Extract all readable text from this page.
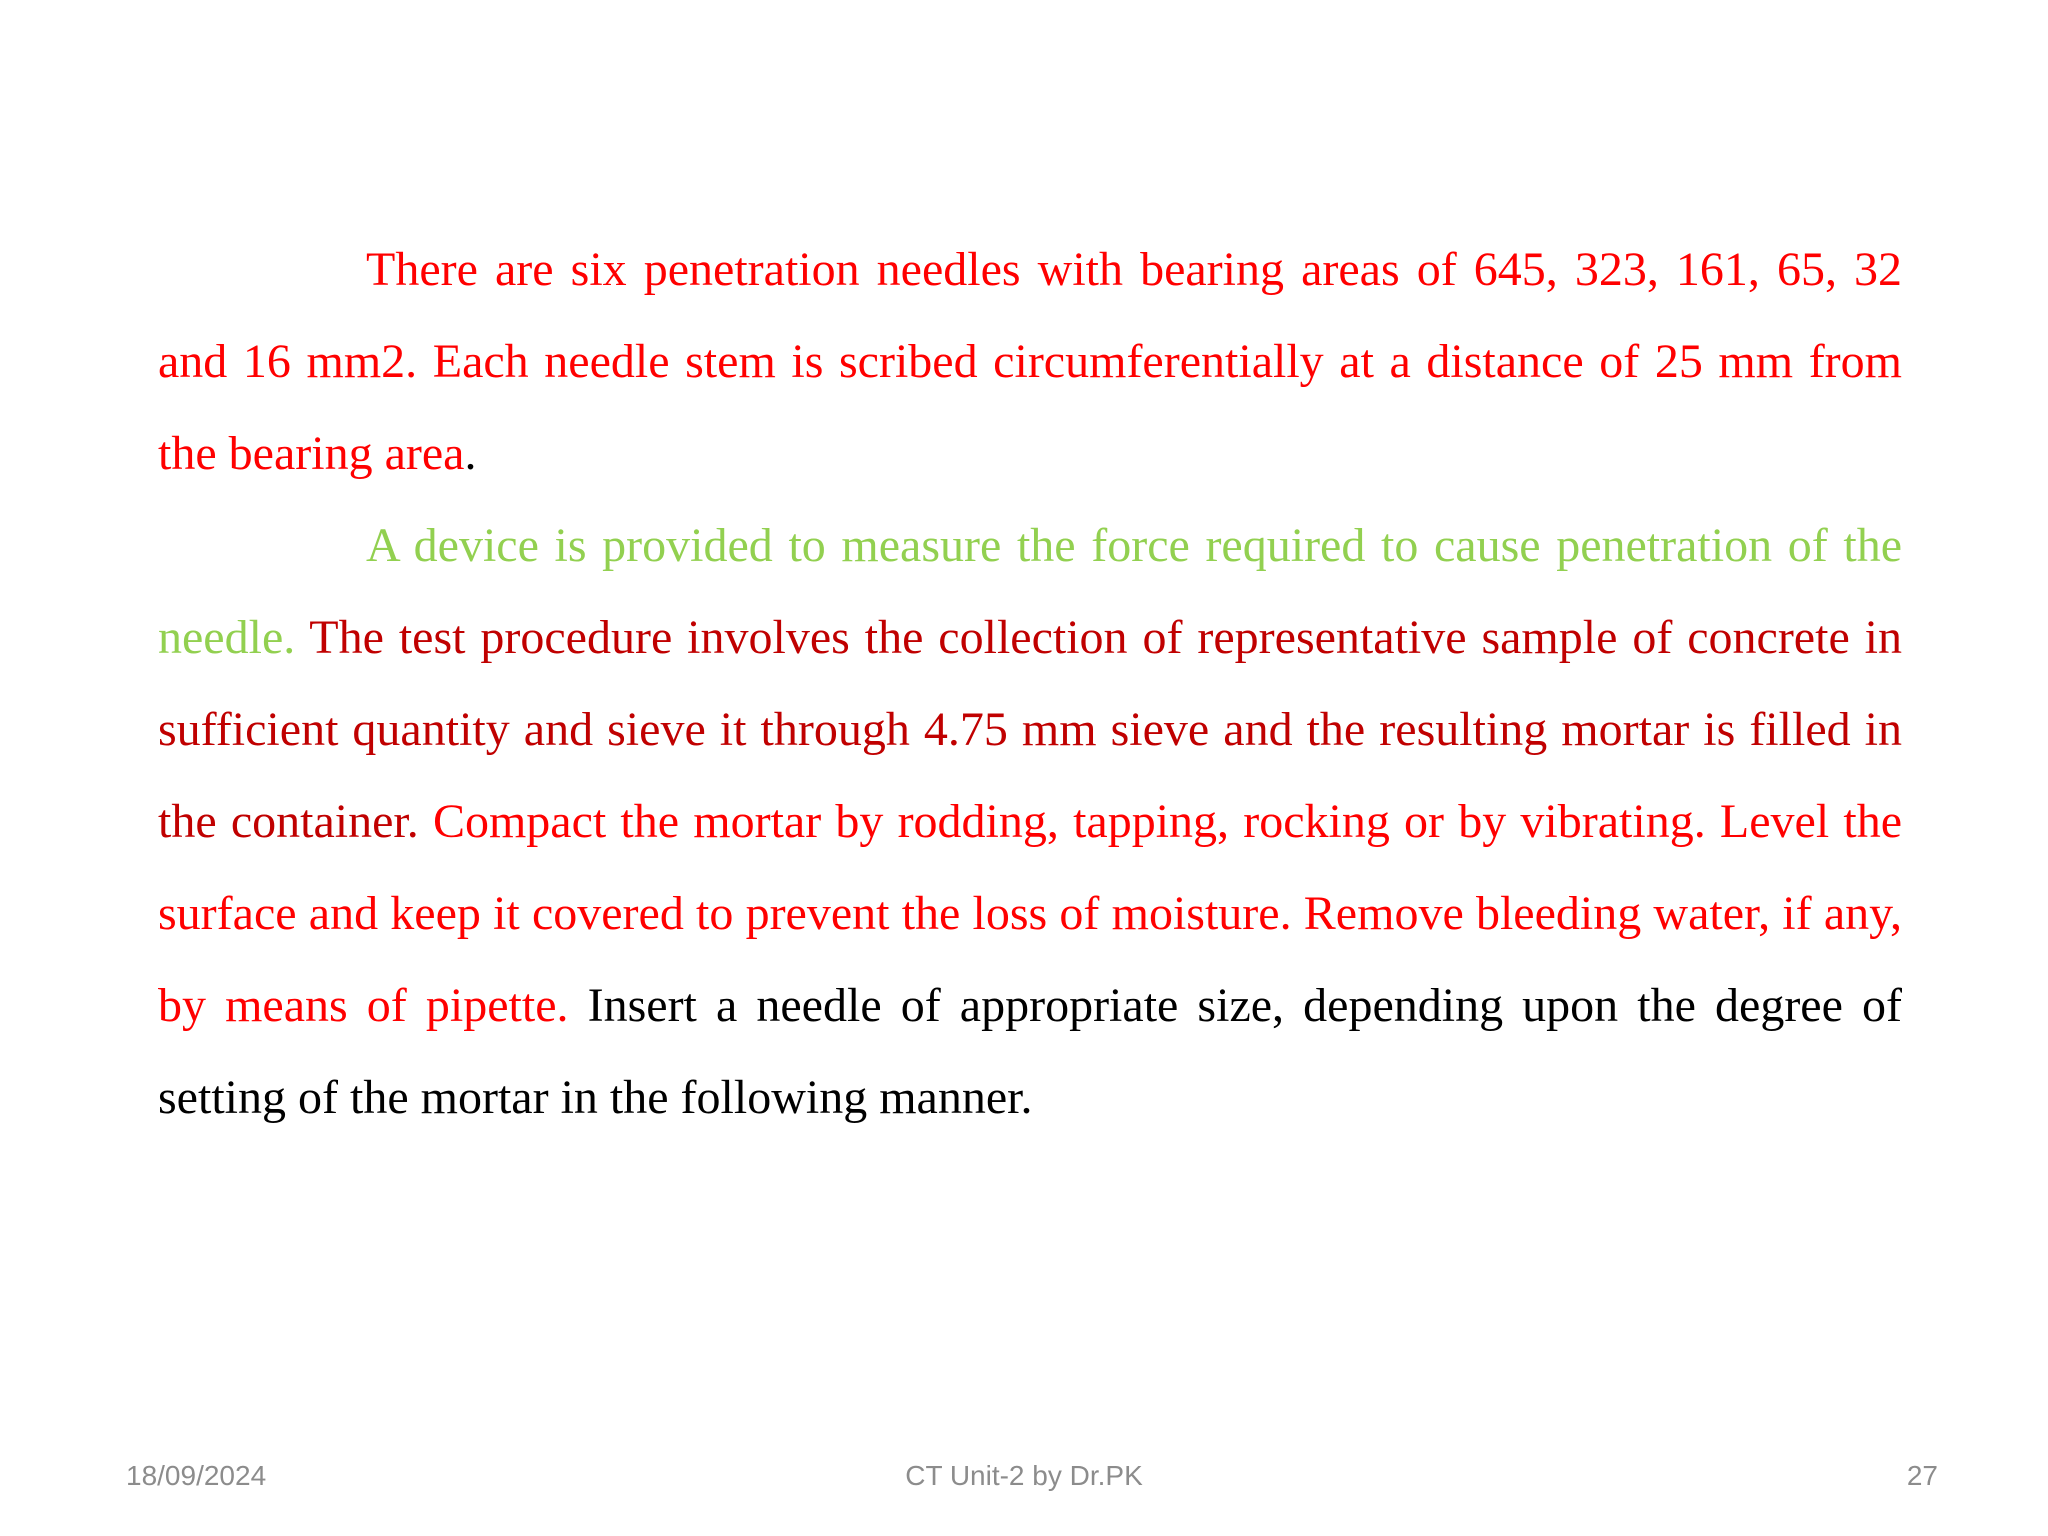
There are six penetration needles with bearing areas of 645, 323, 161, 65, 32 and 16 mm2. Each needle stem is scribed circumferentially at a distance of 25 mm from the bearing area.

A device is provided to measure the force required to cause penetration of the needle. The test procedure involves the collection of representative sample of concrete in sufficient quantity and sieve it through 4.75 mm sieve and the resulting mortar is filled in the container. Compact the mortar by rodding, tapping, rocking or by vibrating. Level the surface and keep it covered to prevent the loss of moisture. Remove bleeding water, if any, by means of pipette. Insert a needle of appropriate size, depending upon the degree of setting of the mortar in the following manner.

18/09/2024	CT Unit-2 by Dr.PK	27
